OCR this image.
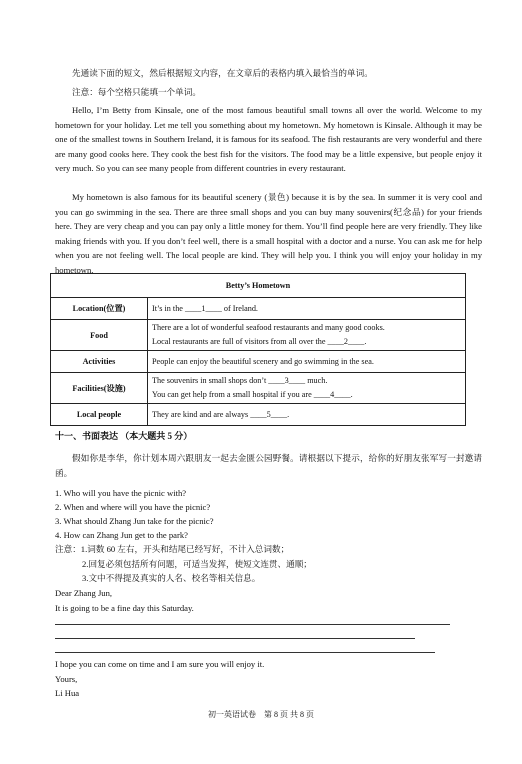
先通读下面的短文，然后根据短文内容，在文章后的表格内填入最恰当的单词。

注意：每个空格只能填一个单词。

Hello, I’m Betty from Kinsale, one of the most famous beautiful small towns all over the world. Welcome to my hometown for your holiday. Let me tell you something about my hometown. My hometown is Kinsale. Although it may be one of the smallest towns in Southern Ireland, it is famous for its seafood. The fish restaurants are very wonderful and there are many good cooks here. They cook the best fish for the visitors. The food may be a little expensive, but people enjoy it very much. So you can see many people from different countries in every restaurant.

My hometown is also famous for its beautiful scenery (景色) because it is by the sea. In summer it is very cool and you can go swimming in the sea. There are three small shops and you can buy many souvenirs(纪念品) for your friends here. They are very cheap and you can pay only a little money for them. You’ll find people here are very friendly. They like making friends with you. If you don’t feel well, there is a small hospital with a doctor and a nurse. You can ask me for help when you are not feeling well. The local people are kind. They will help you. I think you will enjoy your holiday in my hometown.

Betty’s Hometown	
Location(位置)	It’s in the ____1____ of Ireland.

Food	There are a lot of wonderful seafood restaurants and many good cooks.
Local restaurants are full of visitors from all over the ____2____.

Activities	People can enjoy the beautiful scenery and go swimming in the sea.
Facilities(设施)	The souvenirs in small shops don’t ____3____ much.
You can get help from a small hospital if you are ____4____.

Local people	They are kind and are always ____5____.

十一、书面表达 （本大题共 5 分）

假如你是李华，你计划本周六跟朋友一起去金匮公园野餐。请根据以下提示，给你的好朋友张军写一封邀请函。

1. Who will you have the picnic with?

2. When and where will you have the picnic?

3. What should Zhang Jun take for the picnic?

4. How can Zhang Jun get to the park?

注意：1.词数 60 左右，开头和结尾已经写好，不计入总词数；

2.回复必须包括所有问题，可适当发挥，使短文连贯、通顺；

3.文中不得提及真实的人名、校名等相关信息。

Dear Zhang Jun,

It is going to be a fine day this Saturday.

I hope you can come on time and I am sure you will enjoy it.

Yours,

Li Hua

初一英语试卷　第 8 页 共 8 页
